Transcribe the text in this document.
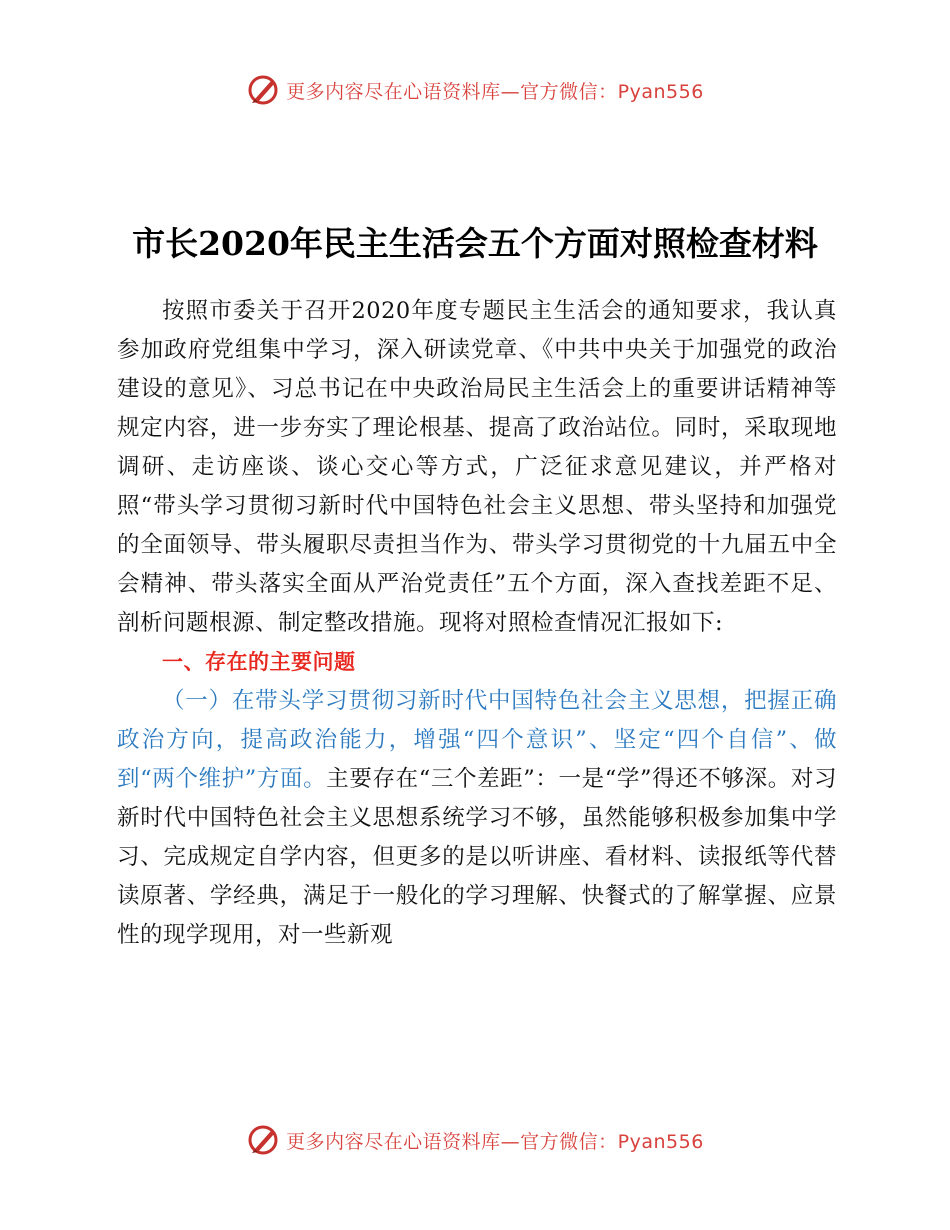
更多内容尽在心语资料库—官方微信：Pyan556
市长2020年民主生活会五个方面对照检查材料

按照市委关于召开2020年度专题民主生活会的通知要求，我认真参加政府党组集中学习，深入研读党章、《中共中央关于加强党的政治建设的意见》、习总书记在中央政治局民主生活会上的重要讲话精神等规定内容，进一步夯实了理论根基、提高了政治站位。同时，采取现地调研、走访座谈、谈心交心等方式，广泛征求意见建议，并严格对照“带头学习贯彻习新时代中国特色社会主义思想、带头坚持和加强党的全面领导、带头履职尽责担当作为、带头学习贯彻党的十九届五中全会精神、带头落实全面从严治党责任”五个方面，深入查找差距不足、剖析问题根源、制定整改措施。现将对照检查情况汇报如下:

一、存在的主要问题

（一）在带头学习贯彻习新时代中国特色社会主义思想，把握正确政治方向，提高政治能力，增强“四个意识”、坚定“四个自信”、做到“两个维护”方面。主要存在“三个差距”：一是“学”得还不够深。对习新时代中国特色社会主义思想系统学习不够，虽然能够积极参加集中学习、完成规定自学内容，但更多的是以听讲座、看材料、读报纸等代替读原著、学经典，满足于一般化的学习理解、快餐式的了解掌握、应景性的现学现用，对一些新观

更多内容尽在心语资料库—官方微信：Pyan556
